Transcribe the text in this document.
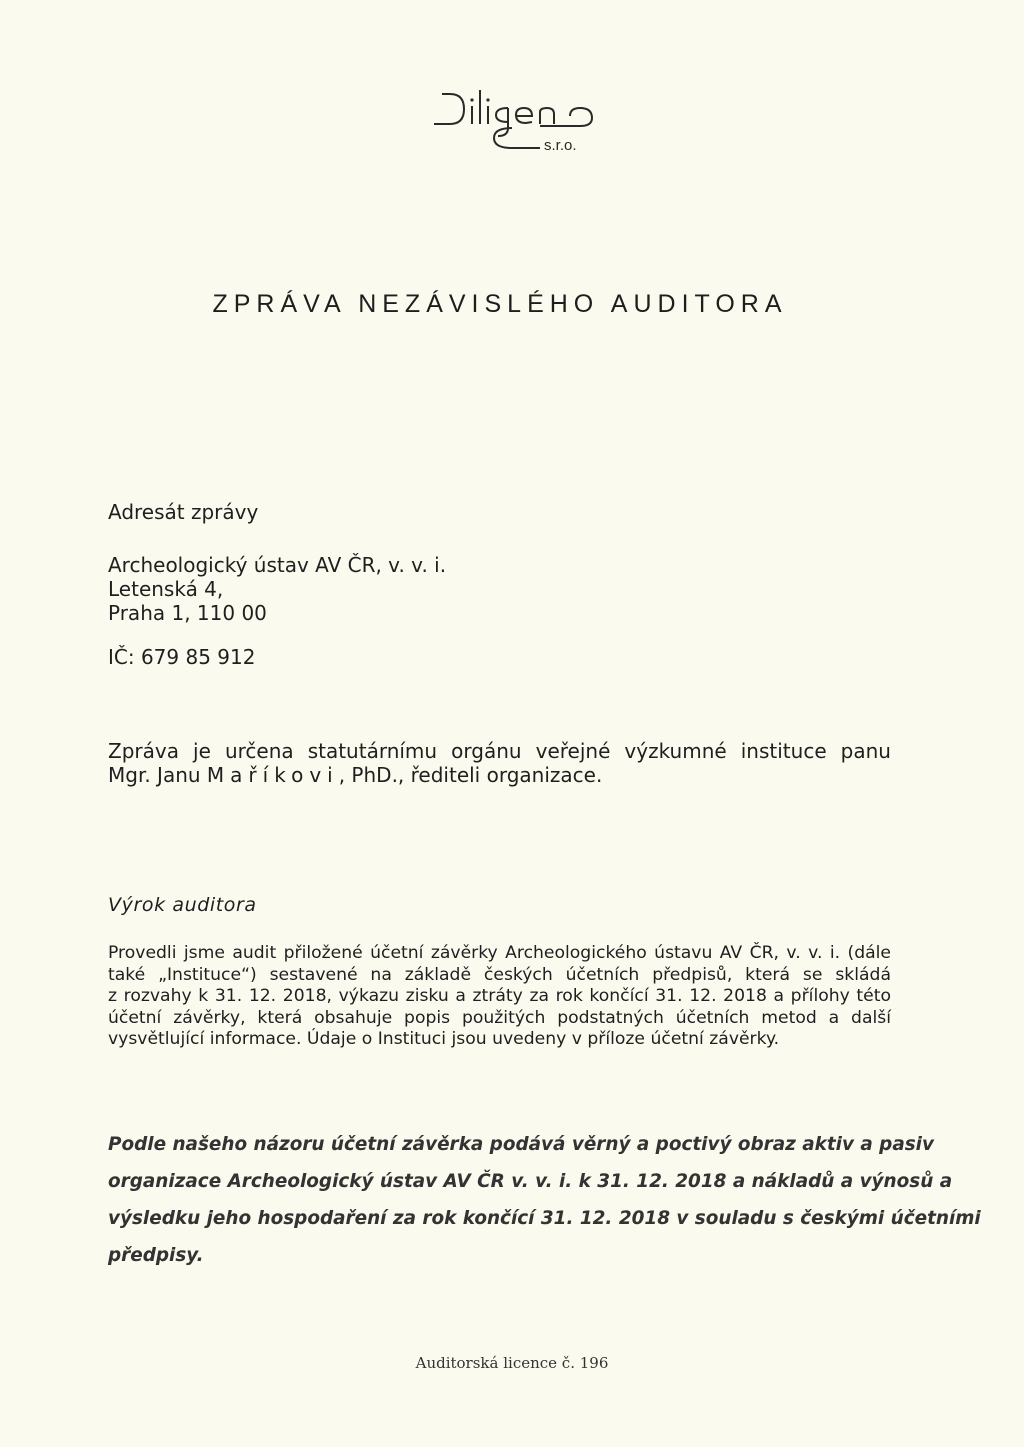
s.r.o.
ZPRÁVA NEZÁVISLÉHO AUDITORA
Adresát zprávy
Archeologický ústav AV ČR, v. v. i.
Letenská 4,
Praha 1, 110 00
IČ: 679 85 912
Zpráva je určena statutárnímu orgánu veřejné výzkumné instituce panu
Mgr. Janu Maříkovi, PhD., řediteli organizace.
Výrok auditora
Provedli jsme audit přiložené účetní závěrky Archeologického ústavu AV ČR, v. v. i. (dále
také „Instituce“) sestavené na základě českých účetních předpisů, která se skládá
z rozvahy k 31. 12. 2018, výkazu zisku a ztráty za rok končící 31. 12. 2018 a přílohy této
účetní závěrky, která obsahuje popis použitých podstatných účetních metod a další
vysvětlující informace. Údaje o Instituci jsou uvedeny v příloze účetní závěrky.
Podle našeho názoru účetní závěrka podává věrný a poctivý obraz aktiv a pasiv
organizace Archeologický ústav AV ČR v. v. i. k 31. 12. 2018 a nákladů a výnosů a
výsledku jeho hospodaření za rok končící 31. 12. 2018 v souladu s českými účetními
předpisy.
Auditorská licence č. 196
